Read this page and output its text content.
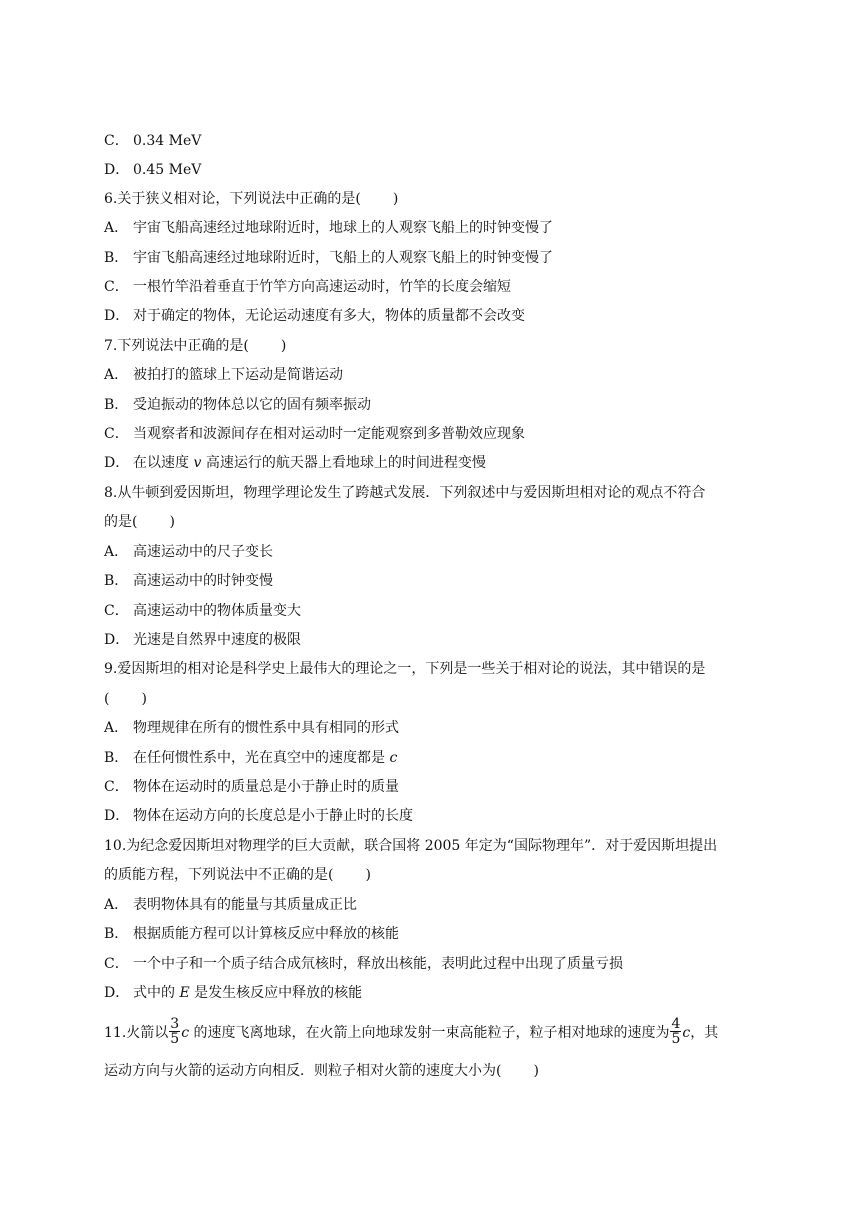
C． 0.34 MeV
D． 0.45 MeV
6.关于狭义相对论，下列说法中正确的是( )
A． 宇宙飞船高速经过地球附近时，地球上的人观察飞船上的时钟变慢了
B． 宇宙飞船高速经过地球附近时，飞船上的人观察飞船上的时钟变慢了
C． 一根竹竿沿着垂直于竹竿方向高速运动时，竹竿的长度会缩短
D． 对于确定的物体，无论运动速度有多大，物体的质量都不会改变
7.下列说法中正确的是( )
A． 被拍打的篮球上下运动是简谐运动
B． 受迫振动的物体总以它的固有频率振动
C． 当观察者和波源间存在相对运动时一定能观察到多普勒效应现象
D． 在以速度 v 高速运行的航天器上看地球上的时间进程变慢
8.从牛顿到爱因斯坦，物理学理论发生了跨越式发展．下列叙述中与爱因斯坦相对论的观点不符合
的是( )
A． 高速运动中的尺子变长
B． 高速运动中的时钟变慢
C． 高速运动中的物体质量变大
D． 光速是自然界中速度的极限
9.爱因斯坦的相对论是科学史上最伟大的理论之一，下列是一些关于相对论的说法，其中错误的是
( )
A． 物理规律在所有的惯性系中具有相同的形式
B． 在任何惯性系中，光在真空中的速度都是 c
C． 物体在运动时的质量总是小于静止时的质量
D． 物体在运动方向的长度总是小于静止时的长度
10.为纪念爱因斯坦对物理学的巨大贡献，联合国将 2005 年定为“国际物理年”．对于爱因斯坦提出
的质能方程，下列说法中不正确的是( )
A． 表明物体具有的能量与其质量成正比
B． 根据质能方程可以计算核反应中释放的核能
C． 一个中子和一个质子结合成氘核时，释放出核能，表明此过程中出现了质量亏损
D． 式中的 E 是发生核反应中释放的核能
11.火箭以 $\frac{3}{5}$ c 的速度飞离地球，在火箭上向地球发射一束高能粒子，粒子相对地球的速度为 $\frac{4}{5}$ c，其
运动方向与火箭的运动方向相反．则粒子相对火箭的速度大小为( )
